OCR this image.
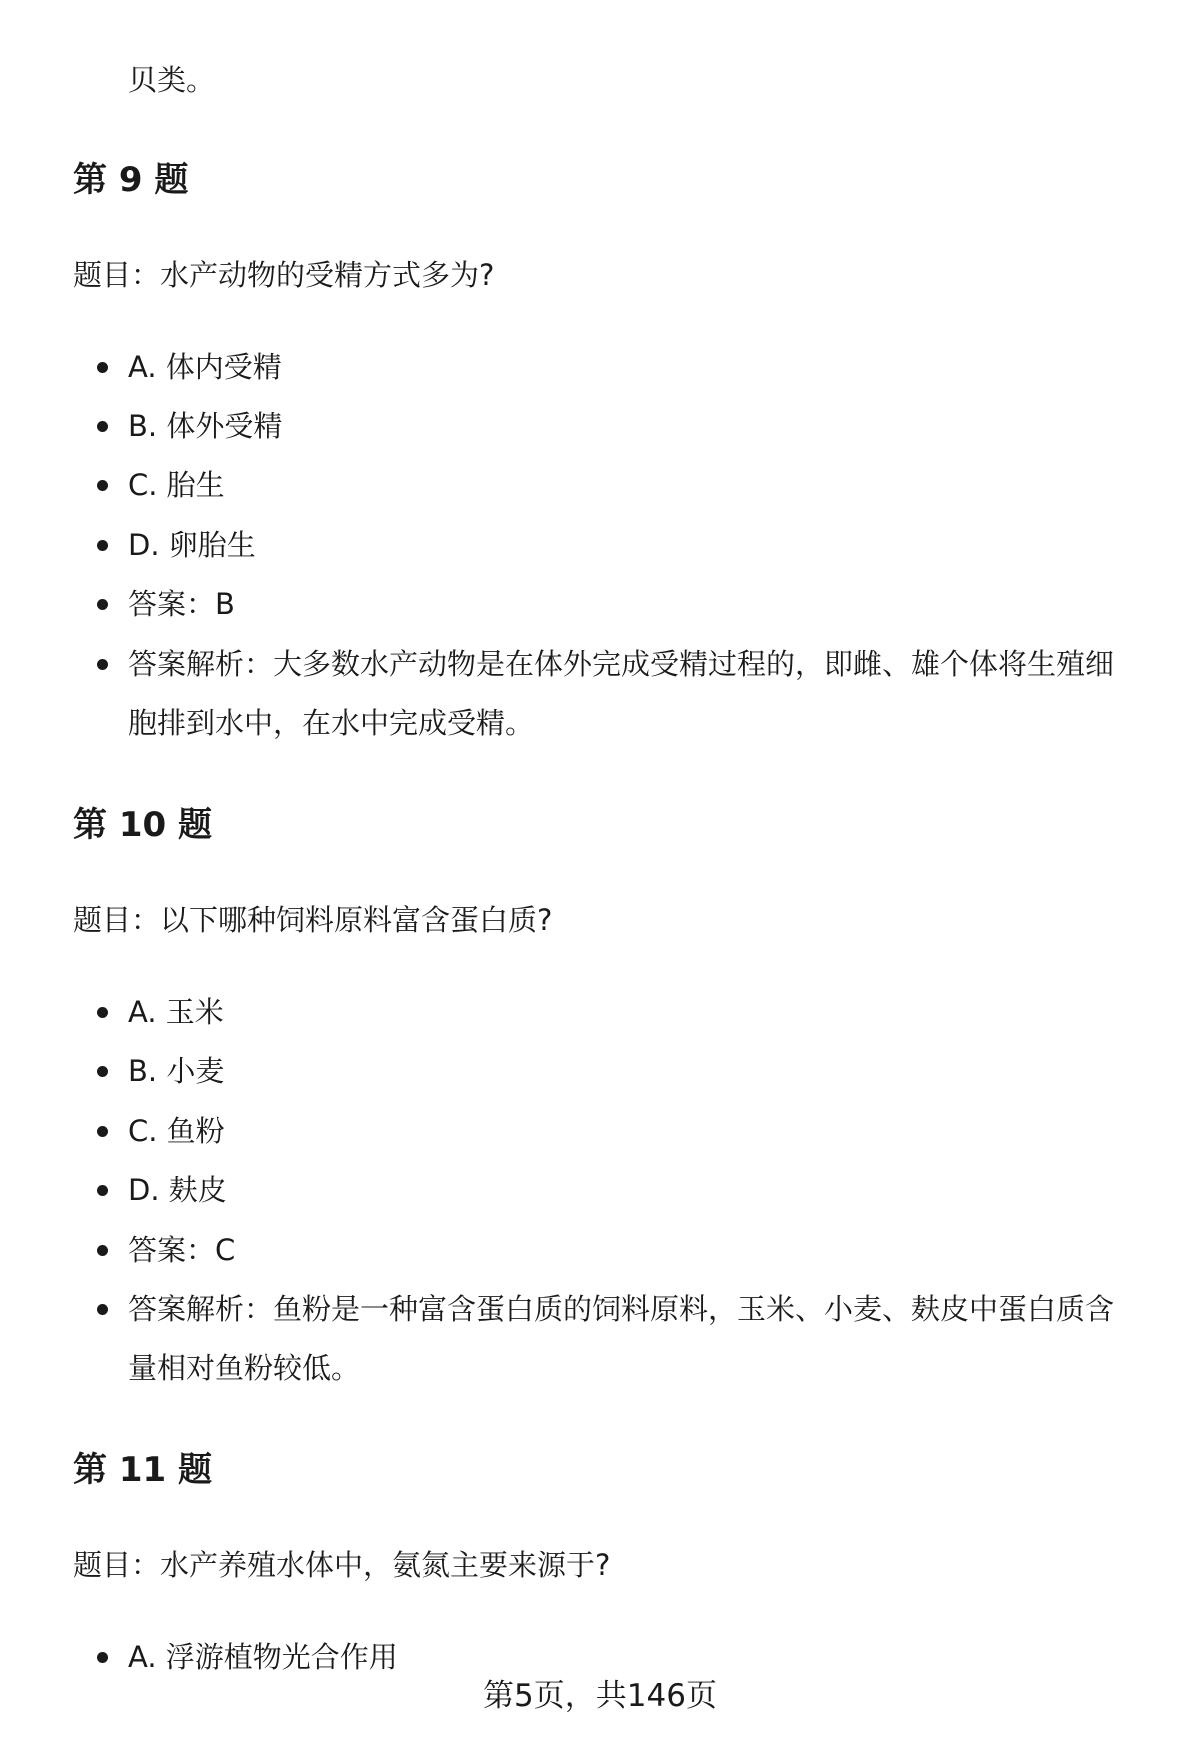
贝类。
第 9 题
题目：水产动物的受精方式多为?
A. 体内受精
B. 体外受精
C. 胎生
D. 卵胎生
答案：B
答案解析：大多数水产动物是在体外完成受精过程的，即雌、雄个体将生殖细
胞排到水中，在水中完成受精。
第 10 题
题目：以下哪种饲料原料富含蛋白质?
A. 玉米
B. 小麦
C. 鱼粉
D. 麸皮
答案：C
答案解析：鱼粉是一种富含蛋白质的饲料原料，玉米、小麦、麸皮中蛋白质含
量相对鱼粉较低。
第 11 题
题目：水产养殖水体中，氨氮主要来源于?
A. 浮游植物光合作用
第5页，共146页
